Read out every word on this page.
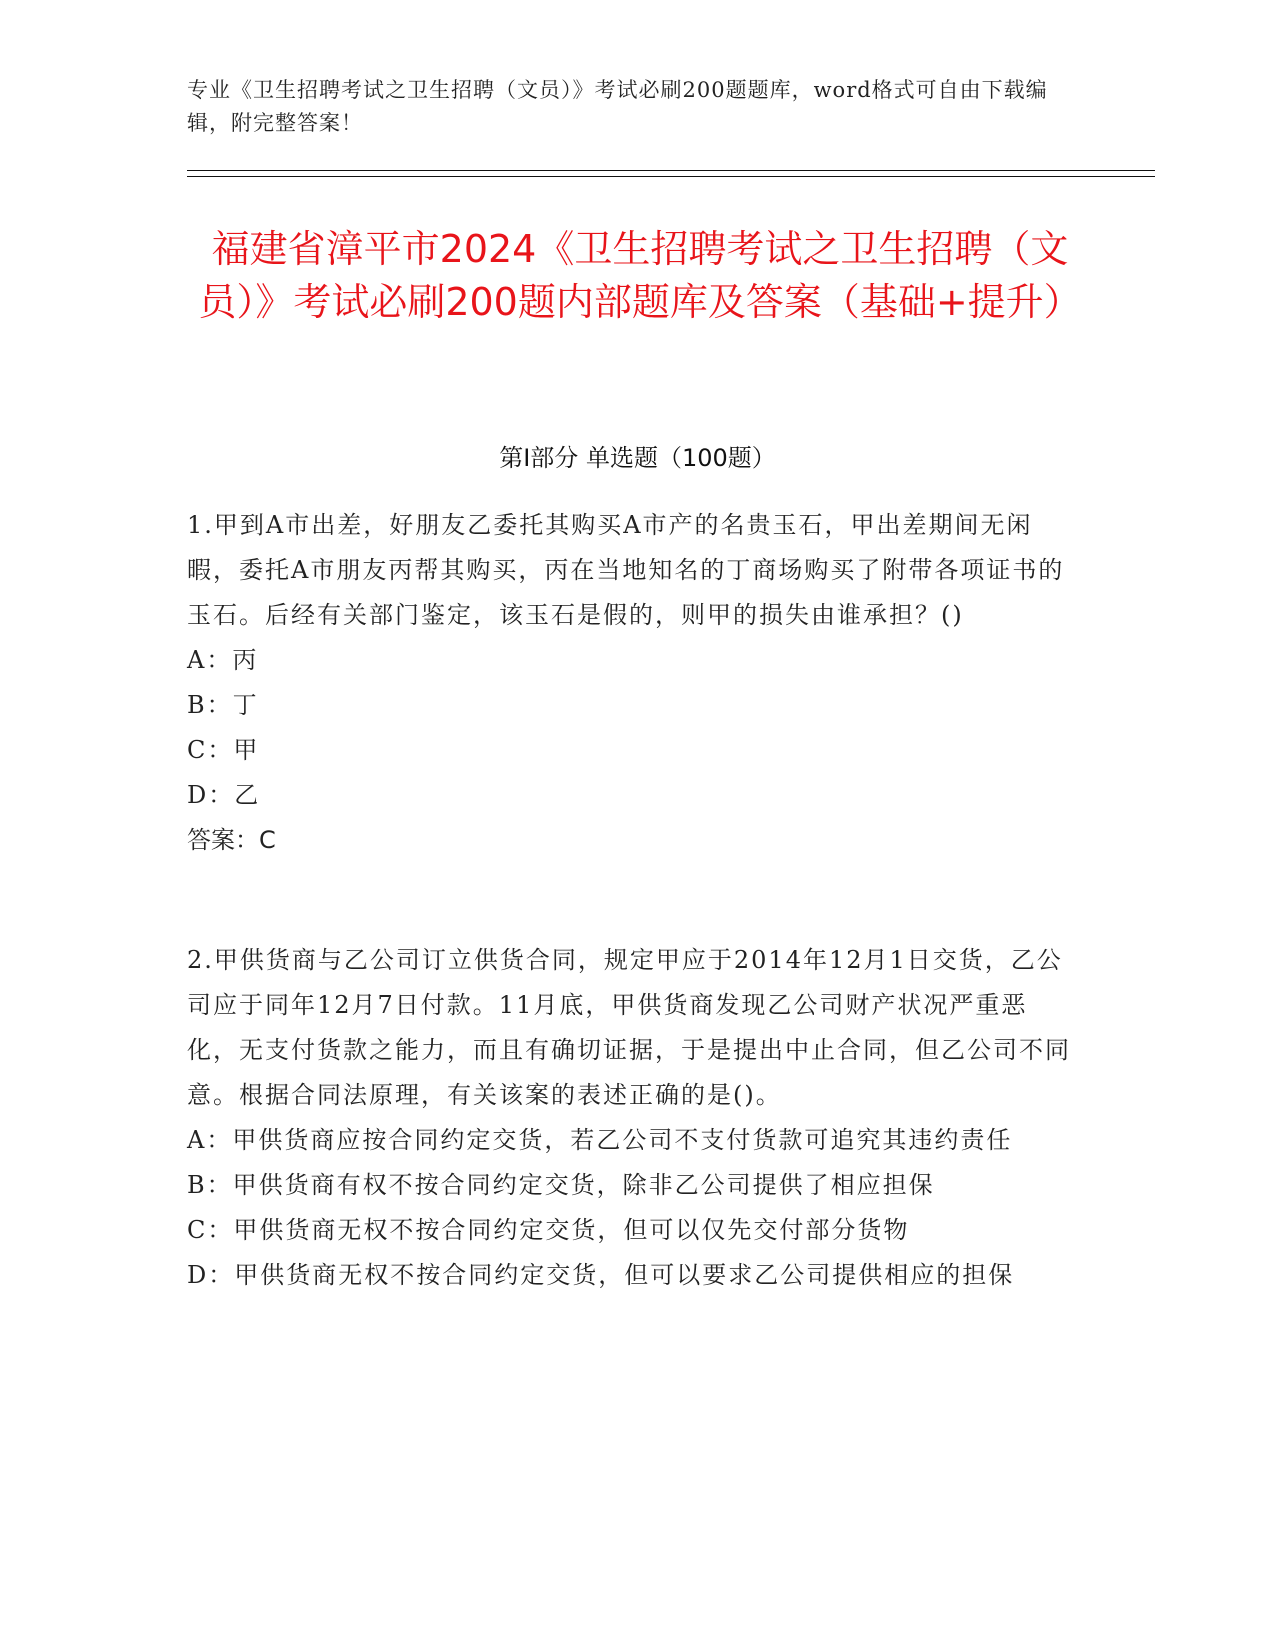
专业《卫生招聘考试之卫生招聘（文员）》考试必刷200题题库，word格式可自由下载编辑，附完整答案！
福建省漳平市2024《卫生招聘考试之卫生招聘（文员）》考试必刷200题内部题库及答案（基础+提升）
第Ⅰ部分 单选题（100题）

1.甲到A市出差，好朋友乙委托其购买A市产的名贵玉石，甲出差期间无闲暇，委托A市朋友丙帮其购买，丙在当地知名的丁商场购买了附带各项证书的玉石。后经有关部门鉴定，该玉石是假的，则甲的损失由谁承担？()

A：丙

B：丁

C：甲

D：乙

答案：C

2.甲供货商与乙公司订立供货合同，规定甲应于2014年12月1日交货，乙公司应于同年12月7日付款。11月底，甲供货商发现乙公司财产状况严重恶化，无支付货款之能力，而且有确切证据，于是提出中止合同，但乙公司不同意。根据合同法原理，有关该案的表述正确的是()。

A：甲供货商应按合同约定交货，若乙公司不支付货款可追究其违约责任

B：甲供货商有权不按合同约定交货，除非乙公司提供了相应担保

C：甲供货商无权不按合同约定交货，但可以仅先交付部分货物

D：甲供货商无权不按合同约定交货，但可以要求乙公司提供相应的担保
